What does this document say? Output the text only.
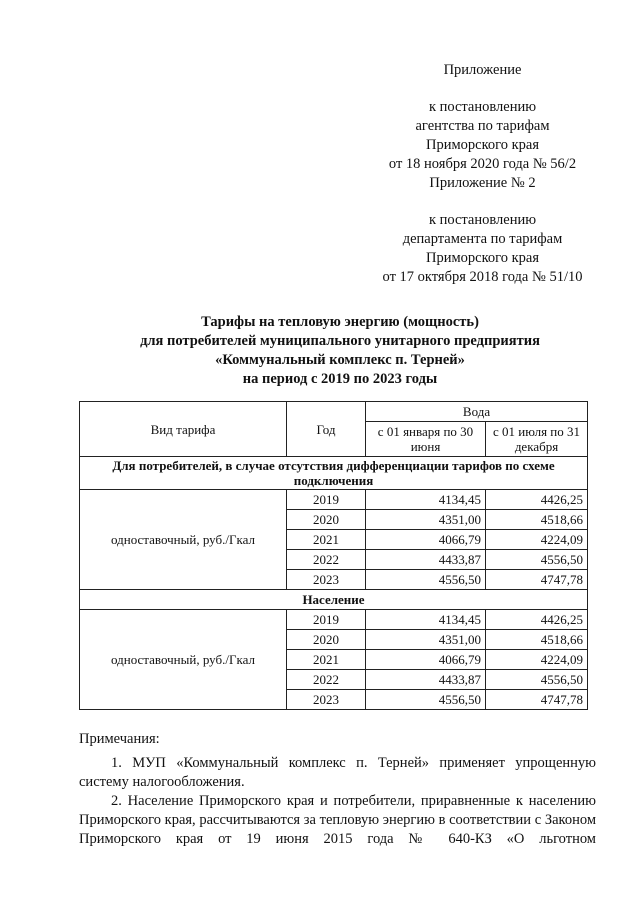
Приложение
к постановлению
агентства по тарифам
Приморского края
от 18 ноября 2020 года № 56/2
Приложение № 2
к постановлению
департамента по тарифам
Приморского края
от 17 октября 2018 года № 51/10
Тарифы на тепловую энергию (мощность)
для потребителей муниципального унитарного предприятия
«Коммунальный комплекс п. Терней»
на период с 2019 по 2023 годы
Вид тарифа	Год	Вода	
		с 01 января по 30 июня	с 01 июля по 31 декабря
Для потребителей, в случае отсутствия дифференциации тарифов по схеме подключения			
одноставочный, руб./Гкал	2019	4134,45	4426,25
	2020	4351,00	4518,66
	2021	4066,79	4224,09
	2022	4433,87	4556,50
	2023	4556,50	4747,78
Население			
одноставочный, руб./Гкал	2019	4134,45	4426,25
	2020	4351,00	4518,66
	2021	4066,79	4224,09
	2022	4433,87	4556,50
	2023	4556,50	4747,78

Примечания:

1. МУП «Коммунальный комплекс п. Терней» применяет упрощенную систему налогообложения.

2. Население Приморского края и потребители, приравненные к населению Приморского края, рассчитываются за тепловую энергию в соответствии с Законом Приморского края от 19 июня 2015 года № 640-КЗ «О льготном
